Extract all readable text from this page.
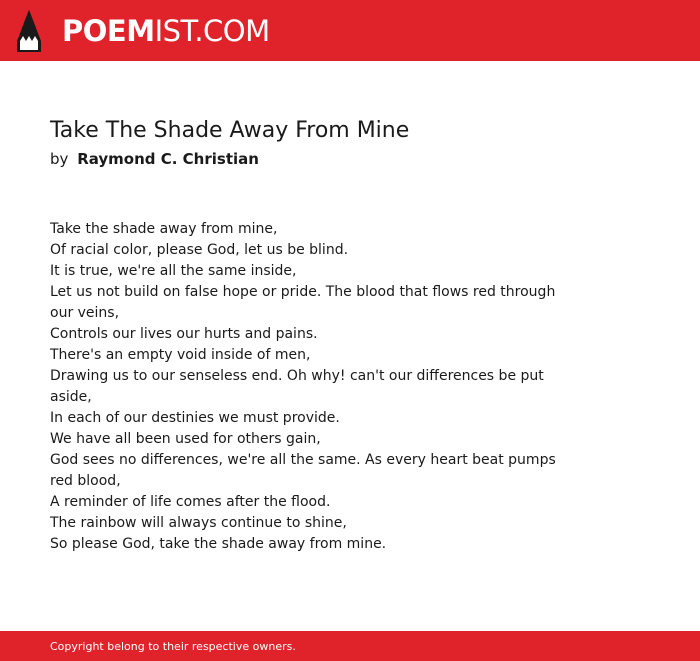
POEMIST.COM
Take The Shade Away From Mine
by Raymond C. Christian
Take the shade away from mine,
Of racial color, please God, let us be blind.
It is true, we're all the same inside,
Let us not build on false hope or pride. The blood that flows red through our veins,
Controls our lives our hurts and pains.
There's an empty void inside of men,
Drawing us to our senseless end. Oh why! can't our differences be put aside,
In each of our destinies we must provide.
We have all been used for others gain,
God sees no differences, we're all the same. As every heart beat pumps red blood,
A reminder of life comes after the flood.
The rainbow will always continue to shine,
So please God, take the shade away from mine.
Copyright belong to their respective owners.
